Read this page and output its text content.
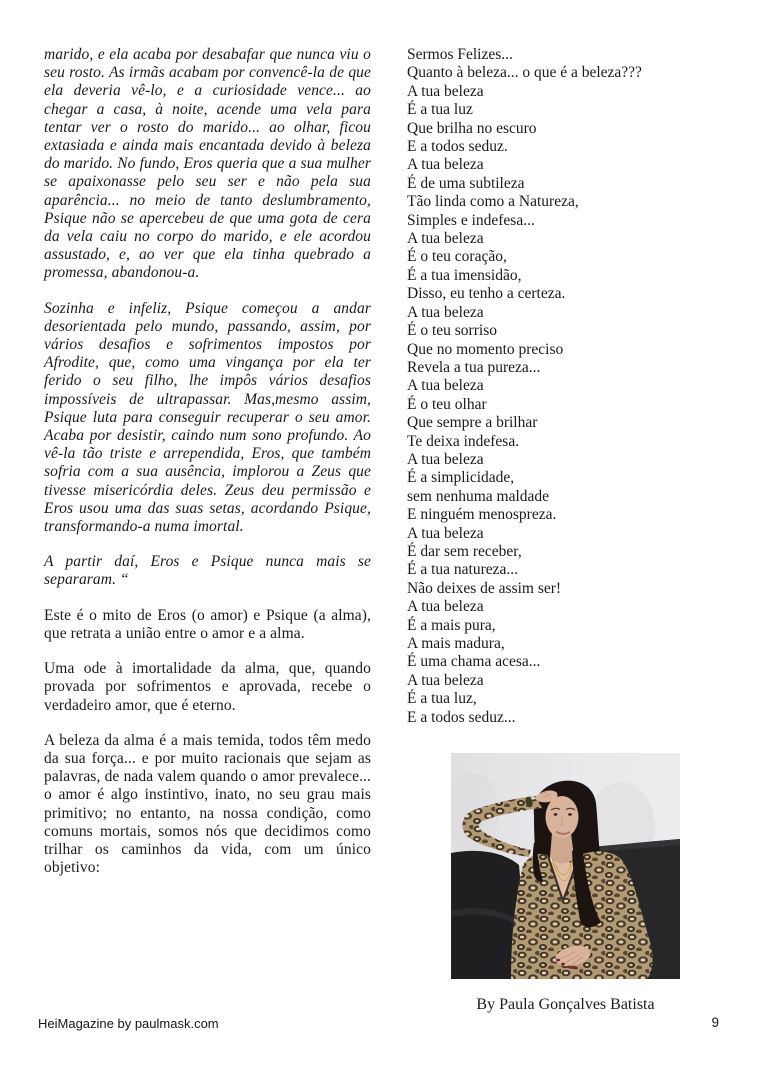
marido, e ela acaba por desabafar que nunca viu o seu rosto. As irmãs acabam por convencê-la de que ela deveria vê-lo, e a curiosidade vence... ao chegar a casa, à noite, acende uma vela para tentar ver o rosto do marido... ao olhar, ficou extasiada e ainda mais encantada devido à beleza do marido. No fundo, Eros queria que a sua mulher se apaixonasse pelo seu ser e não pela sua aparência... no meio de tanto deslumbramento, Psique não se apercebeu de que uma gota de cera da vela caiu no corpo do marido, e ele acordou assustado, e, ao ver que ela tinha quebrado a promessa, abandonou-a.

Sozinha e infeliz, Psique começou a andar desorientada pelo mundo, passando, assim, por vários desafios e sofrimentos impostos por Afrodite, que, como uma vingança por ela ter ferido o seu filho, lhe impôs vários desafios impossíveis de ultrapassar. Mas,mesmo assim, Psique luta para conseguir recuperar o seu amor. Acaba por desistir, caindo num sono profundo. Ao vê-la tão triste e arrependida, Eros, que também sofria com a sua ausência, implorou a Zeus que tivesse misericórdia deles. Zeus deu permissão e Eros usou uma das suas setas, acordando Psique, transformando-a numa imortal.

A partir daí, Eros e Psique nunca mais se separaram. “

Este é o mito de Eros (o amor) e Psique (a alma), que retrata a união entre o amor e a alma.

Uma ode à imortalidade da alma, que, quando provada por sofrimentos e aprovada, recebe o verdadeiro amor, que é eterno.

A beleza da alma é a mais temida, todos têm medo da sua força... e por muito racionais que sejam as palavras, de nada valem quando o amor prevalece... o amor é algo instintivo, inato, no seu grau mais primitivo; no entanto, na nossa condição, como comuns mortais, somos nós que decidimos como trilhar os caminhos da vida, com um único objetivo:

Sermos Felizes...
Quanto à beleza... o que é a beleza???
A tua beleza
É a tua luz
Que brilha no escuro
E a todos seduz.
A tua beleza
É de uma subtileza
Tão linda como a Natureza,
Simples e indefesa...
A tua beleza
É o teu coração,
É a tua imensidão,
Disso, eu tenho a certeza.
A tua beleza
É o teu sorriso
Que no momento preciso
Revela a tua pureza...
A tua beleza
É o teu olhar
Que sempre a brilhar
Te deixa indefesa.
A tua beleza
É a simplicidade,
sem nenhuma maldade
E ninguém menospreza.
A tua beleza
É dar sem receber,
É a tua natureza...
Não deixes de assim ser!
A tua beleza
É a mais pura,
A mais madura,
É uma chama acesa...
A tua beleza
É a tua luz,
E a todos seduz...
By Paula Gonçalves Batista
HeiMagazine by paulmask.com	9
